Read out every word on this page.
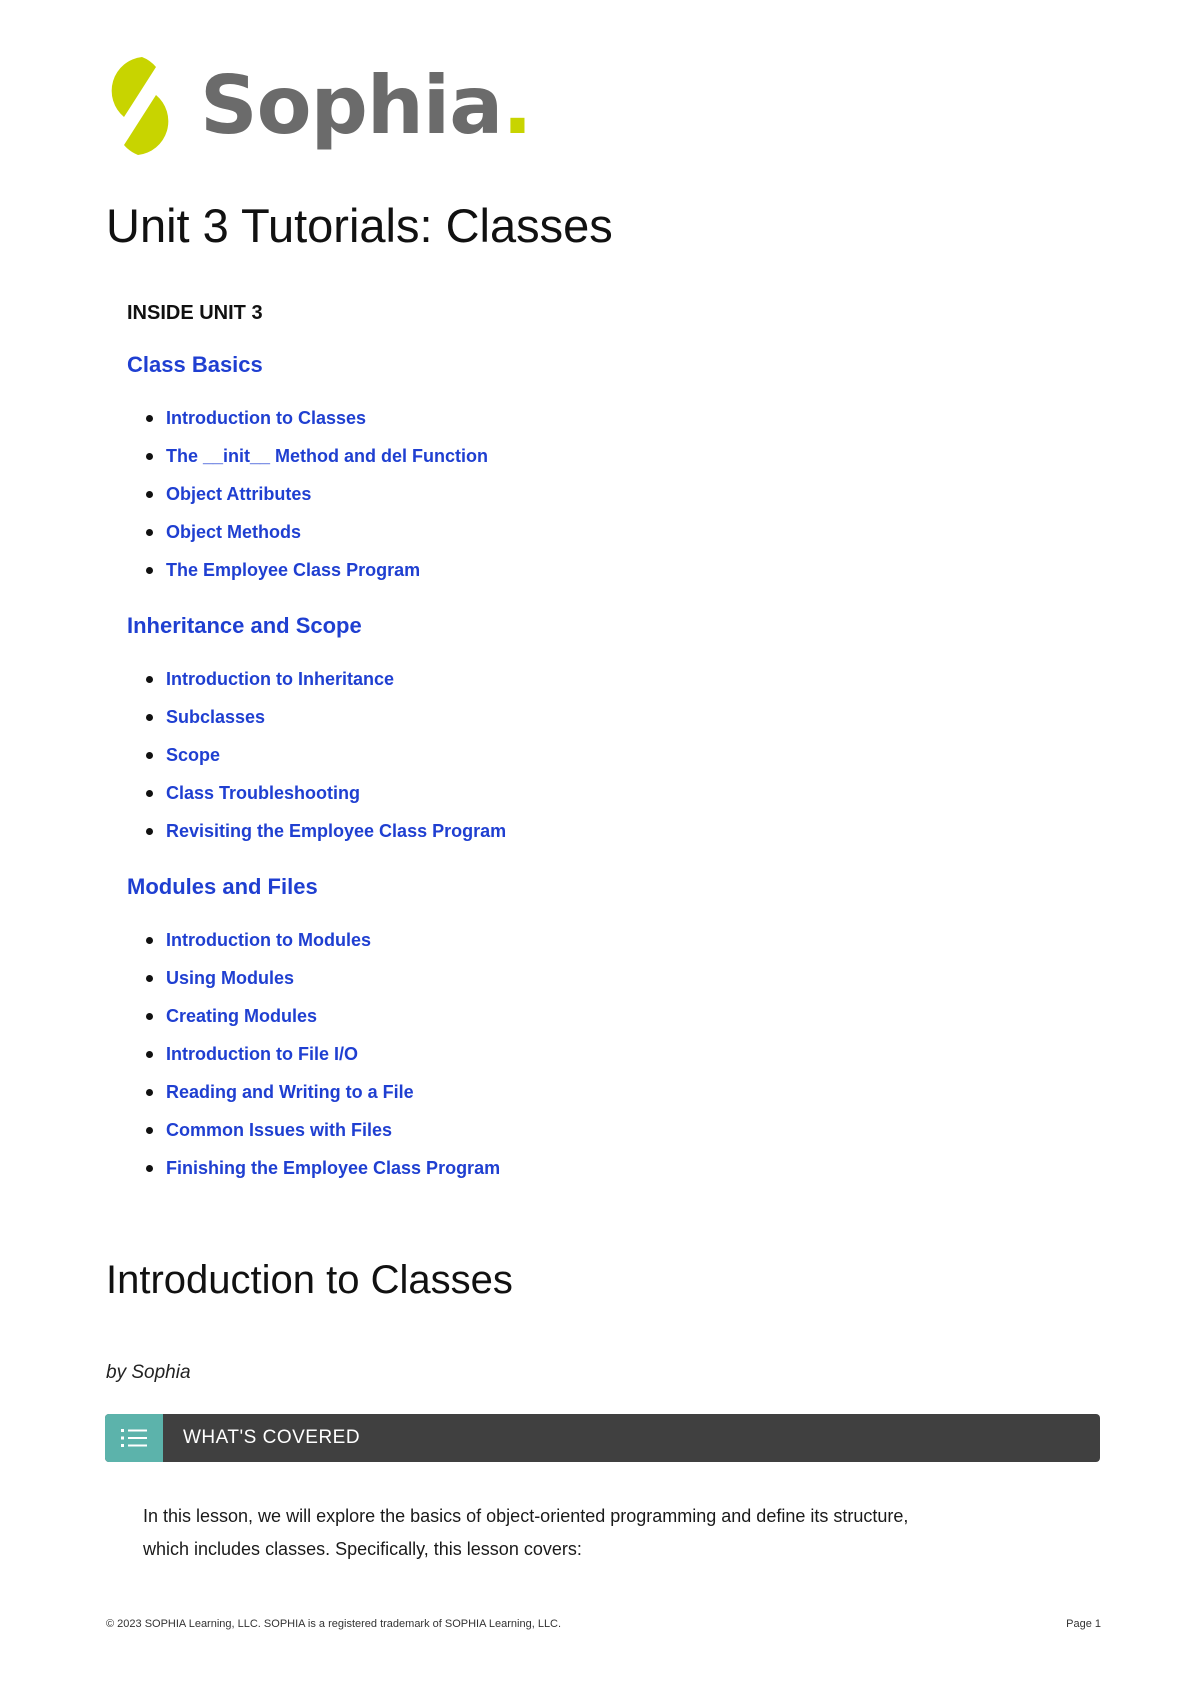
Sophia.
Unit 3 Tutorials: Classes
INSIDE UNIT 3
Class Basics
Introduction to Classes
The __init__ Method and del Function
Object Attributes
Object Methods
The Employee Class Program
Inheritance and Scope
Introduction to Inheritance
Subclasses
Scope
Class Troubleshooting
Revisiting the Employee Class Program
Modules and Files
Introduction to Modules
Using Modules
Creating Modules
Introduction to File I/O
Reading and Writing to a File
Common Issues with Files
Finishing the Employee Class Program
Introduction to Classes
by Sophia
WHAT'S COVERED
In this lesson, we will explore the basics of object-oriented programming and define its structure,
which includes classes. Specifically, this lesson covers:
© 2023 SOPHIA Learning, LLC. SOPHIA is a registered trademark of SOPHIA Learning, LLC.	Page 1
